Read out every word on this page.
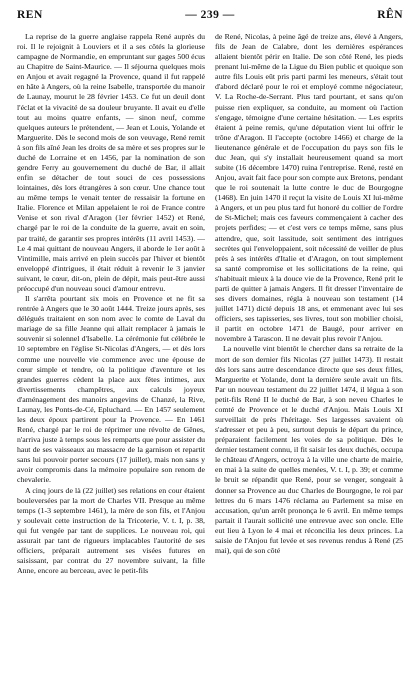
REN	— 239 —	RÊN

La reprise de la guerre anglaise rappela René auprès du roi. Il le rejoignit à Louviers et il a ses côtés la glorieuse campagne de Normandie, en empruntant sur gages 500 écus au Chapitre de Saint-Maurice. — Il séjourna quelques mois en Anjou et avait regagné la Provence, quand il fut rappelé en hâte à Angers, où la reine Isabelle, transportée du manoir de Launay, mourut le 28 février 1453. Ce fut un deuil dont l'éclat et la vivacité de sa douleur bruyante. Il avait eu d'elle tout au moins quatre enfants, — sinon neuf, comme quelques auteurs le prétendent, — Jean et Louis, Yolande et Marguerite. Dès le second mois de son veuvage, René remit à son fils aîné Jean les droits de sa mère et ses propres sur le duché de Lorraine et en 1456, par la nomination de son gendre Ferry au gouvernement du duché de Bar, il allait enfin se détacher de tout souci de ces possessions lointaines, dès lors étrangères à son cœur. Une chance tout au même temps le venait tenter de ressaisir la fortune en Italie. Florence et Milan appelaient le roi de France contre Venise et son rival d'Aragon (1er février 1452) et René, chargé par le roi de la conduite de la guerre, avait en soin, par traité, de garantir ses propres intérêts (11 avril 1453). — Le 4 mai quittant de nouveau Angers, il aborde le 1er août à Vintimille, mais arrivé en plein succès par l'hiver et bientôt enveloppé d'intrigues, il était réduit à revenir le 3 janvier suivant, le cœur, dit-on, plein de dépit, mais peut-être aussi préoccupé d'un nouveau souci d'amour entrevu.

Il s'arrêta pourtant six mois en Provence et ne fit sa rentrée à Angers que le 30 août 1444. Treize jours après, ses délégués traitaient en son nom avec le comte de Laval du mariage de sa fille Jeanne qui allait remplacer à jamais le souvenir si solennel d'Isabelle. La cérémonie fut célébrée le 10 septembre en l'église St-Nicolas d'Angers, — et dès lors comme une nouvelle vie commence avec une épouse de cœur simple et tendre, où la politique d'aventure et les grandes guerres cèdent la place aux fêtes intimes, aux divertissements champêtres, aux calculs joyeux d'aménagement des manoirs angevins de Chanzé, la Rive, Launay, les Ponts-de-Cé, Epluchard. — En 1457 seulement les deux époux partirent pour la Provence. — En 1461 René, chargé par le roi de réprimer une révolte de Gênes, n'arriva juste à temps sous les remparts que pour assister du haut de ses vaisseaux au massacre de la garnison et repartit sans lui pouvoir porter secours (17 juillet), mais non sans y avoir compromis dans la mémoire populaire son renom de chevalerie.

A cinq jours de là (22 juillet) ses relations en cour étaient bouleversées par la mort de Charles VII. Presque au même temps (1-3 septembre 1461), la mère de son fils, et l'Anjou y soulevait cette instruction de la Tricoterie, V. t. I, p. 38, qui fut vengée par tant de supplices. Le nouveau roi, qui assurait par tant de rigueurs implacables l'autorité de ses officiers, préparait autrement ses visées futures en saisissant, par contrat du 27 novembre suivant, la fille Anne, encore au berceau, avec le petit-fils

de René, Nicolas, à peine âgé de treize ans, élevé à Angers, fils de Jean de Calabre, dont les dernières espérances allaient bientôt périr en Italie. De son côté René, les pieds prenant lui-même de la Ligue du Bien public et quoique son autre fils Louis eût pris parti parmi les meneurs, s'était tout d'abord déclaré pour le roi et employé comme négociateur, V. La Roche-de-Serrant. Plus tard pourtant, et sans qu'on puisse rien expliquer, sa conduite, au moment où l'action s'engage, témoigne d'une certaine hésitation. — Les esprits étaient à peine remis, qu'une députation vient lui offrir le trône d'Aragon. Il l'accepte (octobre 1466) et charge de la lieutenance générale et de l'occupation du pays son fils le duc Jean, qui s'y installait heureusement quand sa mort subite (16 décembre 1470) ruina l'entreprise. René, resté en Anjou, avait fait face pour son compte aux Bretons, pendant que le roi soutenait la lutte contre le duc de Bourgogne (1468). En juin 1470 il reçut la visite de Louis XI lui-même à Angers, et un peu plus tard fut honoré du collier de l'ordre de St-Michel; mais ces faveurs commençaient à cacher des projets perfides; — et c'est vers ce temps même, sans plus attendre, que, soit lassitude, soit sentiment des intrigues secrètes qui l'enveloppaient, soit nécessité de veiller de plus près à ses intérêts d'Italie et d'Aragon, on tout simplement sa santé compromise et les sollicitations de la reine, qui s'habituait mieux à la douce vie de la Provence, René prit le parti de quitter à jamais Angers. Il fit dresser l'inventaire de ses divers domaines, régla à nouveau son testament (14 juillet 1471) dicté depuis 18 ans, et emmenant avec lui ses officiers, ses tapisseries, ses livres, tout son mobilier choisi, il partit en octobre 1471 de Baugé, pour arriver en novembre à Tarascon. Il ne devait plus revoir l'Anjou.

La nouvelle vint bientôt le chercher dans sa retraite de la mort de son dernier fils Nicolas (27 juillet 1473). Il restait dès lors sans autre descendance directe que ses deux filles, Marguerite et Yolande, dont la dernière seule avait un fils. Par un nouveau testament du 22 juillet 1474, il légua à son petit-fils René II le duché de Bar, à son neveu Charles le comté de Provence et le duché d'Anjou. Mais Louis XI surveillait de près l'héritage. Ses largesses savaient où s'adresser et peu à peu, surtout depuis le départ du prince, préparaient facilement les voies de sa politique. Dès le dernier testament connu, il fit saisir les deux duchés, occupa le château d'Angers, octroya à la ville une charte de mairie, en mai à la suite de quelles menées, V. t. I, p. 39; et comme le bruit se répandit que René, pour se venger, songeait à donner sa Provence au duc Charles de Bourgogne, le roi par lettres du 6 mars 1476 réclama au Parlement sa mise en accusation, qu'un arrêt prononça le 6 avril. En même temps partait il l'aurait sollicité une entrevue avec son oncle. Elle eut lieu à Lyon le 4 mai et réconcilia les deux princes. La saisie de l'Anjou fut levée et ses revenus rendus à René (25 mai), qui de son côté
